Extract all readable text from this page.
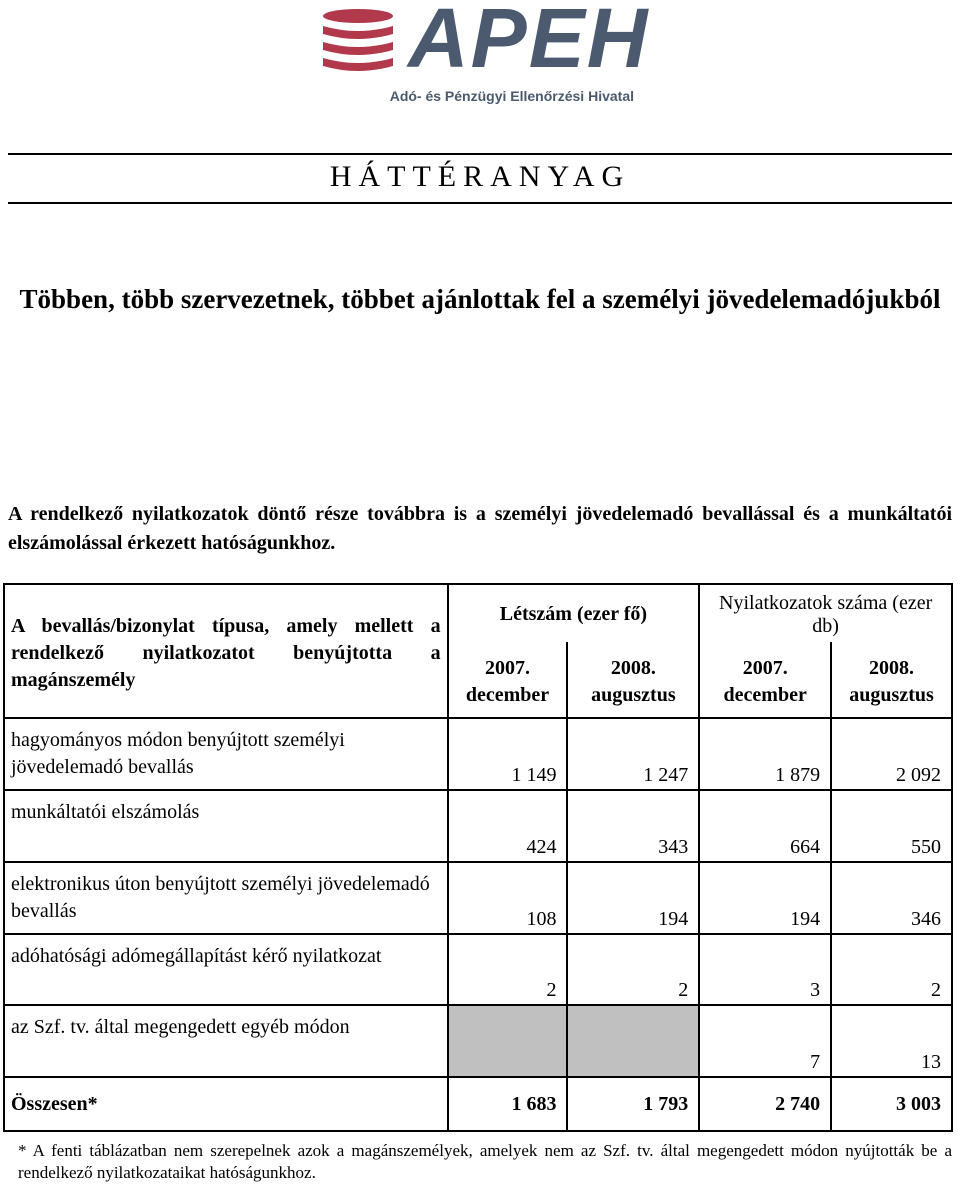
APEH
Adó- és Pénzügyi Ellenőrzési Hivatal
HÁTTÉRANYAG
Többen, több szervezetnek, többet ajánlottak fel a személyi jövedelemadójukból
A rendelkező nyilatkozatok döntő része továbbra is a személyi jövedelemadó bevallással és a munkáltatói elszámolással érkezett hatóságunkhoz.
A bevallás/bizonylat típusa, amely mellett a rendelkező nyilatkozatot benyújtotta a magánszemély	Létszám (ezer fő)		Nyilatkozatok száma (ezer db)	
	2007. december	2008. augusztus	2007. december	2008. augusztus
hagyományos módon benyújtott személyi jövedelemadó bevallás	1 149	1 247	1 879	2 092
munkáltatói elszámolás	424	343	664	550
elektronikus úton benyújtott személyi jövedelemadó bevallás	108	194	194	346
adóhatósági adómegállapítást kérő nyilatkozat	2	2	3	2
az Szf. tv. által megengedett egyéb módon			7	13
Összesen*	1 683	1 793	2 740	3 003
* A fenti táblázatban nem szerepelnek azok a magánszemélyek, amelyek nem az Szf. tv. által megengedett módon nyújtották be a rendelkező nyilatkozataikat hatóságunkhoz.
